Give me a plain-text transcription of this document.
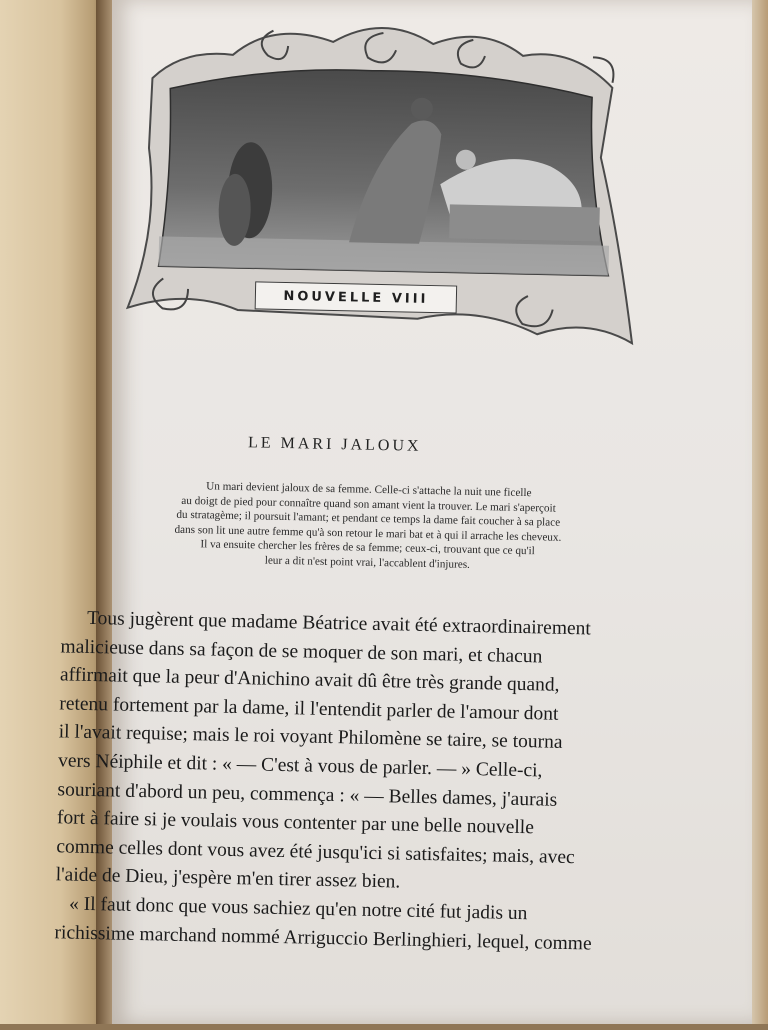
NOUVELLE VIII
LE MARI JALOUX
Un mari devient jaloux de sa femme. Celle-ci s'attache la nuit une ficelle
au doigt de pied pour connaître quand son amant vient la trouver. Le mari s'aperçoit
du stratagème; il poursuit l'amant; et pendant ce temps la dame fait coucher à sa place
dans son lit une autre femme qu'à son retour le mari bat et à qui il arrache les cheveux.
Il va ensuite chercher les frères de sa femme; ceux-ci, trouvant que ce qu'il
leur a dit n'est point vrai, l'accablent d'injures.
Tous jugèrent que madame Béatrice avait été extraordinairement
malicieuse dans sa façon de se moquer de son mari, et chacun
affirmait que la peur d'Anichino avait dû être très grande quand,
retenu fortement par la dame, il l'entendit parler de l'amour dont
il l'avait requise; mais le roi voyant Philomène se taire, se tourna
vers Néiphile et dit : « — C'est à vous de parler. — » Celle-ci,
souriant d'abord un peu, commença : « — Belles dames, j'aurais
fort à faire si je voulais vous contenter par une belle nouvelle
comme celles dont vous avez été jusqu'ici si satisfaites; mais, avec
l'aide de Dieu, j'espère m'en tirer assez bien.
« Il faut donc que vous sachiez qu'en notre cité fut jadis un
richissime marchand nommé Arriguccio Berlinghieri, lequel, comme
